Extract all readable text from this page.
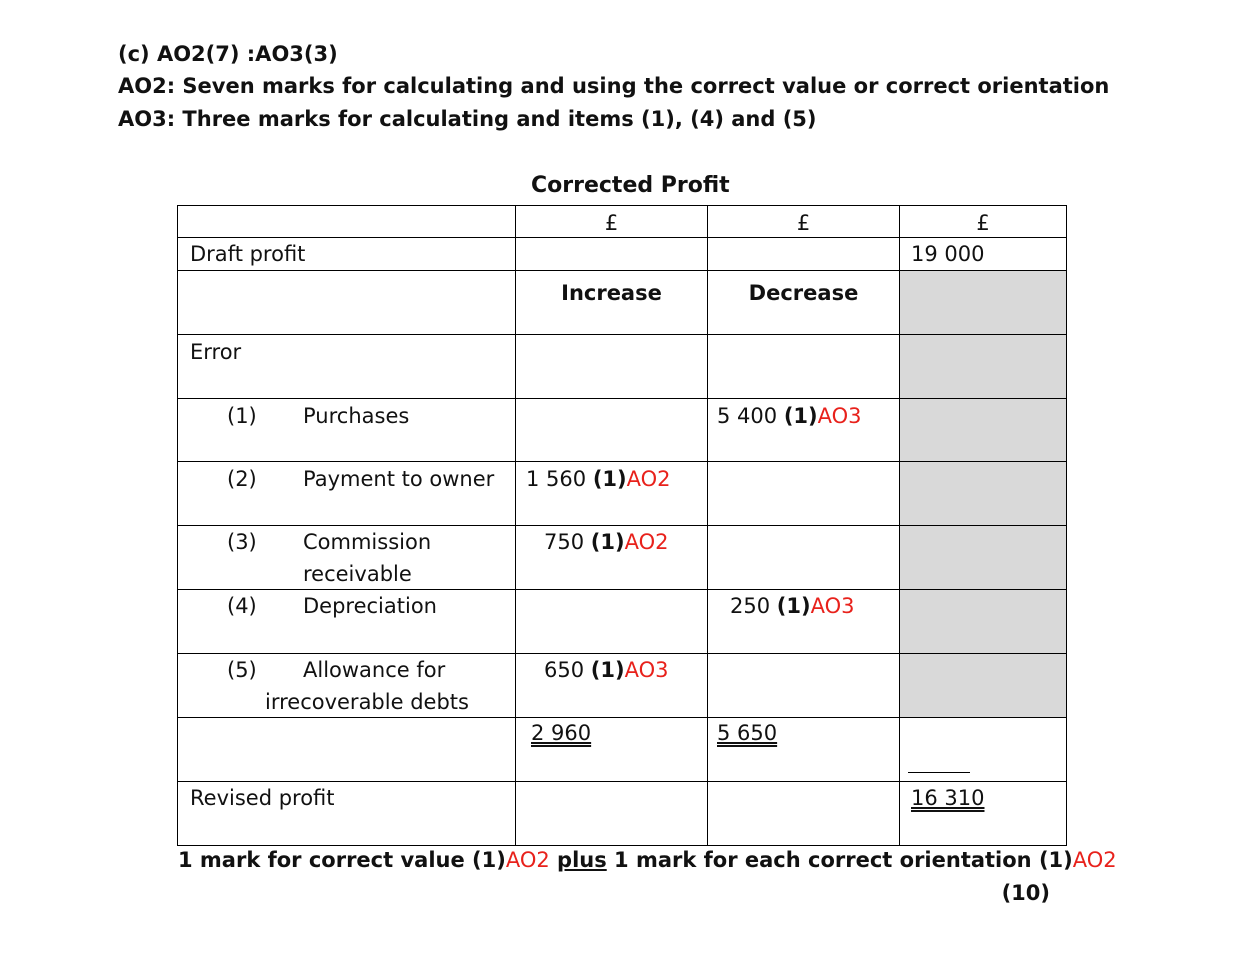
(c) AO2(7) :AO3(3)
AO2: Seven marks for calculating and using the correct value or correct orientation
AO3: Three marks for calculating and items (1), (4) and (5)
Corrected Profit
	£	£	£

Draft profit			19 000

	Increase	Decrease	

Error			

(1) Purchases		5 400 (1)AO3	

(2) Payment to owner	1 560 (1)AO2		

(3) Commission
receivable	750 (1)AO2		

(4) Depreciation		250 (1)AO3	

(5) Allowance for
irrecoverable debts	650 (1)AO3		

	2 960	5 650	

Revised profit			16 310
1 mark for correct value (1)AO2 plus 1 mark for each correct orientation (1)AO2
(10)
